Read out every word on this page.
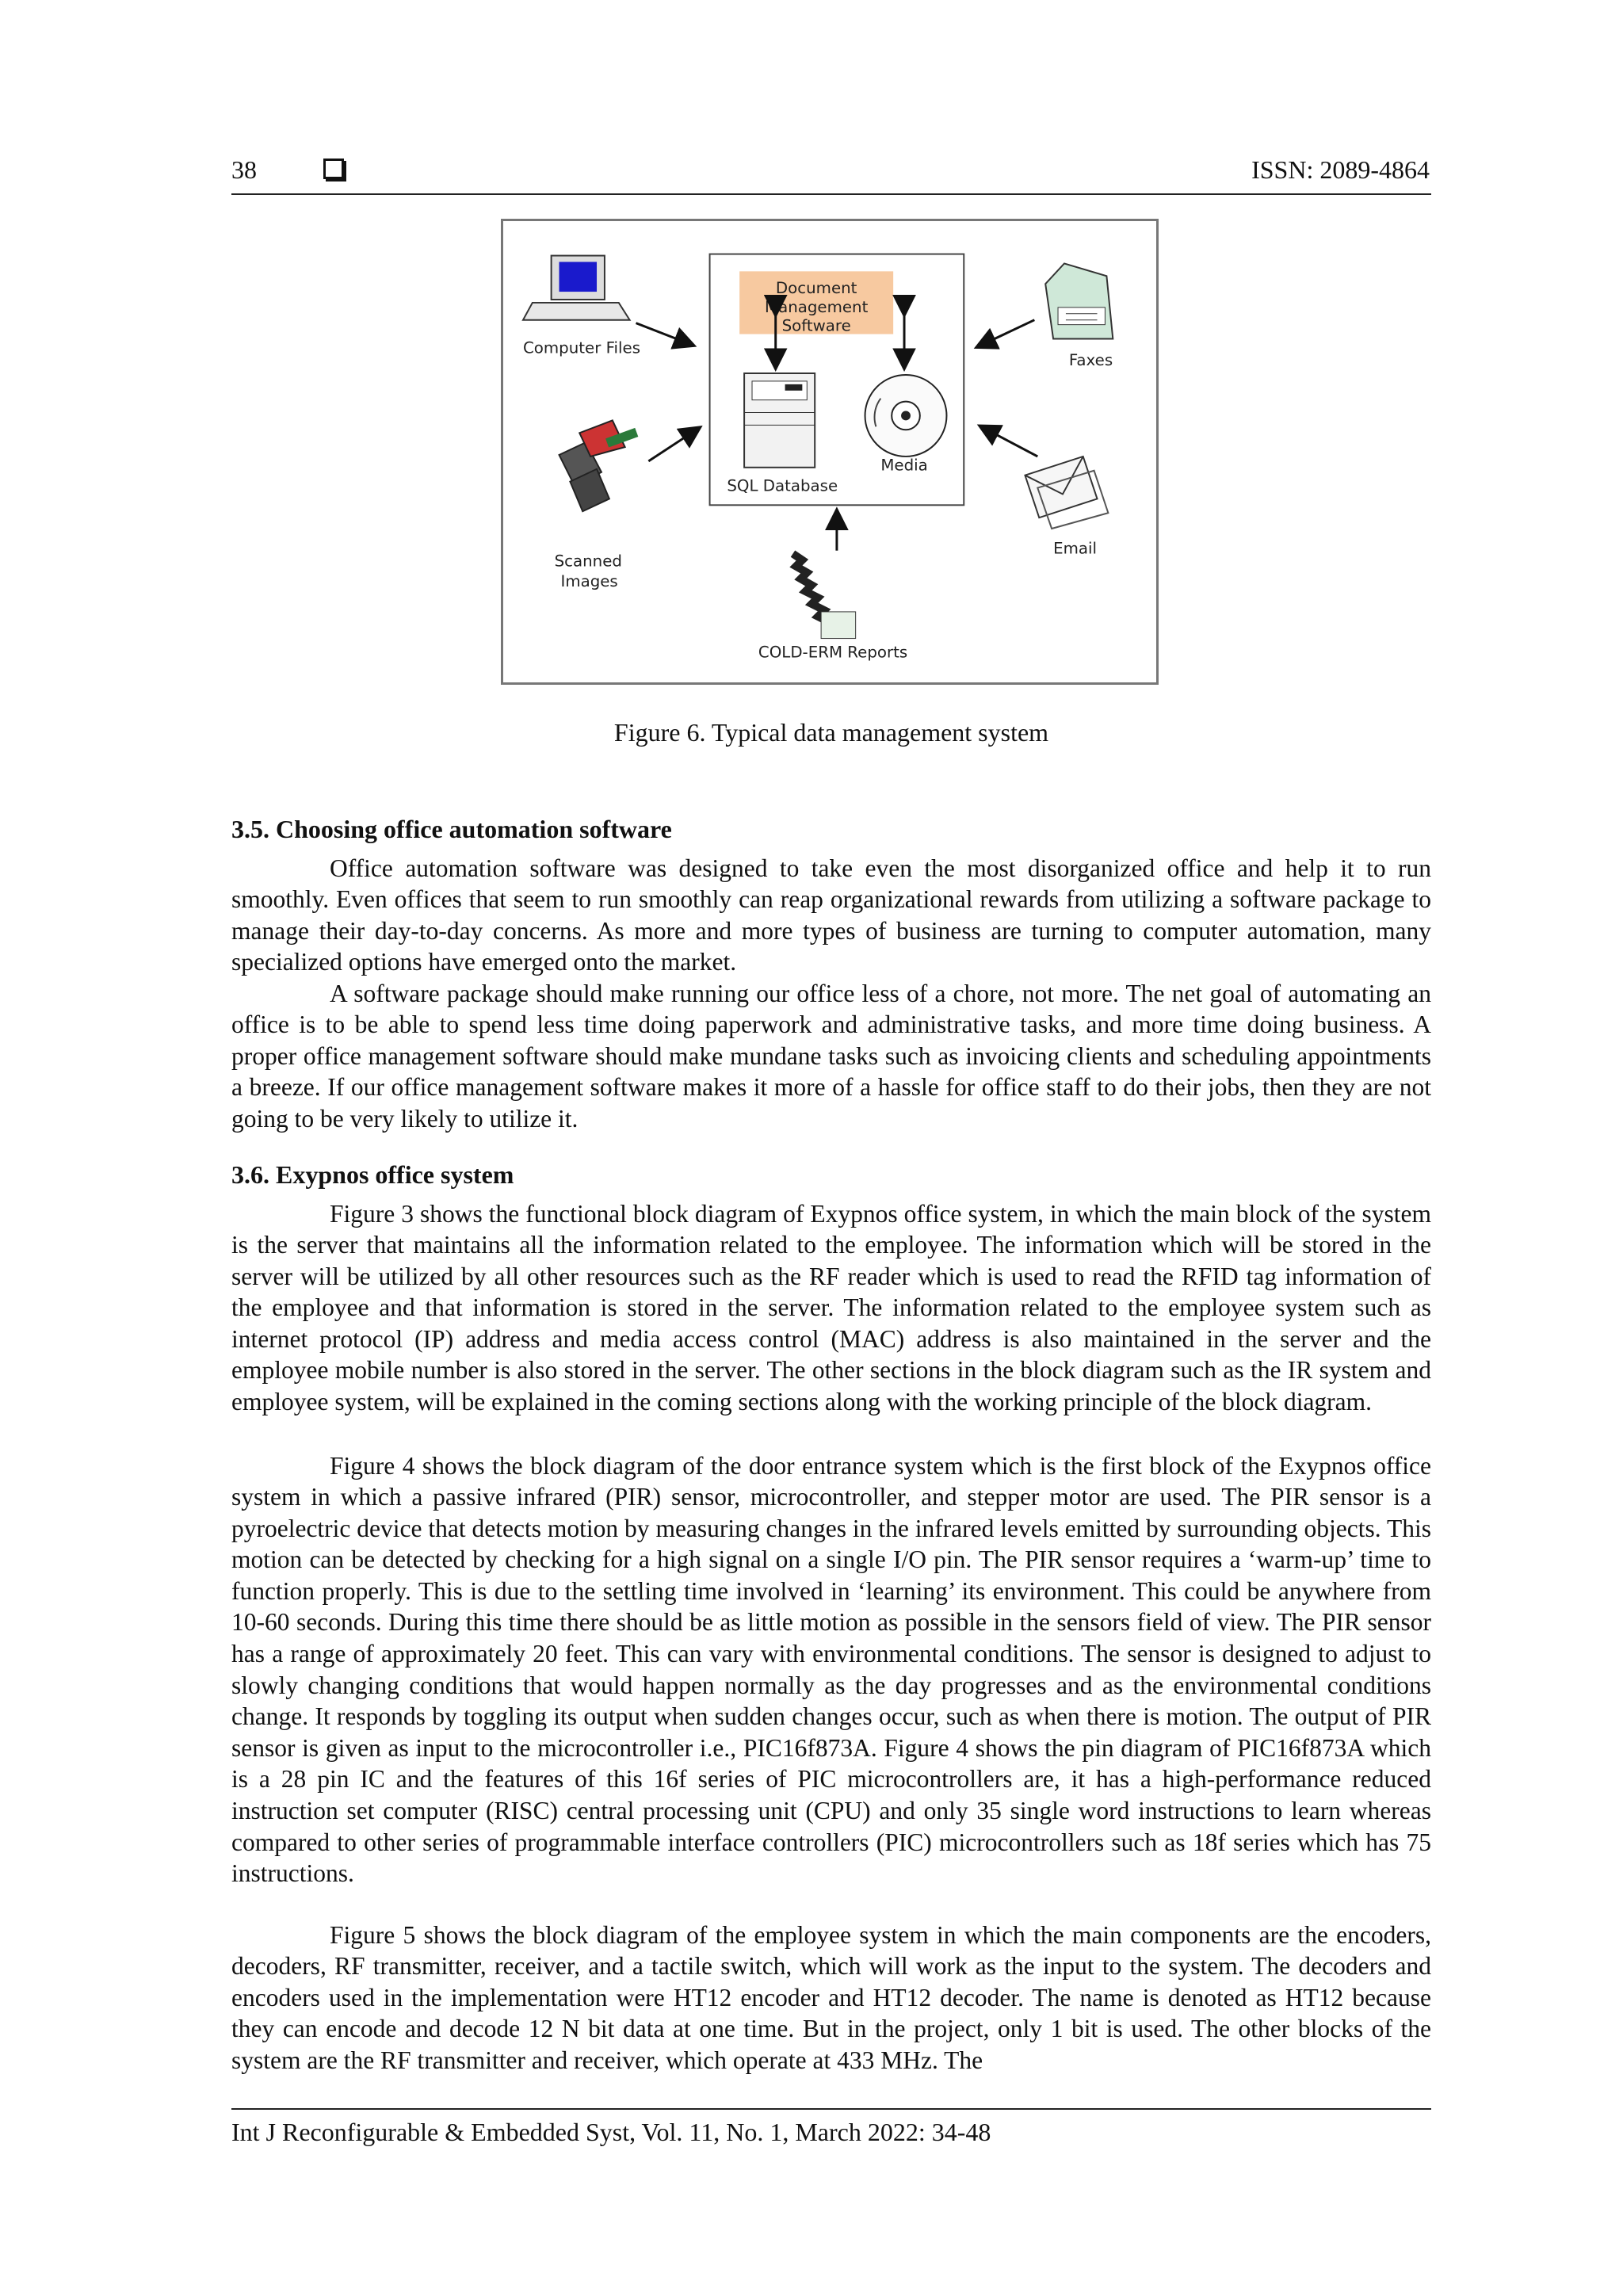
38	ISSN: 2089-4864
Document
Management
Software
SQL Database
Media
Computer Files
Faxes
Scanned
Images
Email
COLD-ERM Reports
Figure 6. Typical data management system
3.5. Choosing office automation software

Office automation software was designed to take even the most disorganized office and help it to run smoothly. Even offices that seem to run smoothly can reap organizational rewards from utilizing a software package to manage their day-to-day concerns. As more and more types of business are turning to computer automation, many specialized options have emerged onto the market.

A software package should make running our office less of a chore, not more. The net goal of automating an office is to be able to spend less time doing paperwork and administrative tasks, and more time doing business. A proper office management software should make mundane tasks such as invoicing clients and scheduling appointments a breeze. If our office management software makes it more of a hassle for office staff to do their jobs, then they are not going to be very likely to utilize it.

3.6. Exypnos office system

Figure 3 shows the functional block diagram of Exypnos office system, in which the main block of the system is the server that maintains all the information related to the employee. The information which will be stored in the server will be utilized by all other resources such as the RF reader which is used to read the RFID tag information of the employee and that information is stored in the server. The information related to the employee system such as internet protocol (IP) address and media access control (MAC) address is also maintained in the server and the employee mobile number is also stored in the server. The other sections in the block diagram such as the IR system and employee system, will be explained in the coming sections along with the working principle of the block diagram.

Figure 4 shows the block diagram of the door entrance system which is the first block of the Exypnos office system in which a passive infrared (PIR) sensor, microcontroller, and stepper motor are used. The PIR sensor is a pyroelectric device that detects motion by measuring changes in the infrared levels emitted by surrounding objects. This motion can be detected by checking for a high signal on a single I/O pin. The PIR sensor requires a ‘warm-up’ time to function properly. This is due to the settling time involved in ‘learning’ its environment. This could be anywhere from 10-60 seconds. During this time there should be as little motion as possible in the sensors field of view. The PIR sensor has a range of approximately 20 feet. This can vary with environmental conditions. The sensor is designed to adjust to slowly changing conditions that would happen normally as the day progresses and as the environmental conditions change. It responds by toggling its output when sudden changes occur, such as when there is motion. The output of PIR sensor is given as input to the microcontroller i.e., PIC16f873A. Figure 4 shows the pin diagram of PIC16f873A which is a 28 pin IC and the features of this 16f series of PIC microcontrollers are, it has a high-performance reduced instruction set computer (RISC) central processing unit (CPU) and only 35 single word instructions to learn whereas compared to other series of programmable interface controllers (PIC) microcontrollers such as 18f series which has 75 instructions.

Figure 5 shows the block diagram of the employee system in which the main components are the encoders, decoders, RF transmitter, receiver, and a tactile switch, which will work as the input to the system. The decoders and encoders used in the implementation were HT12 encoder and HT12 decoder. The name is denoted as HT12 because they can encode and decode 12 N bit data at one time. But in the project, only 1 bit is used. The other blocks of the system are the RF transmitter and receiver, which operate at 433 MHz. The

Int J Reconfigurable & Embedded Syst, Vol. 11, No. 1, March 2022: 34-48
